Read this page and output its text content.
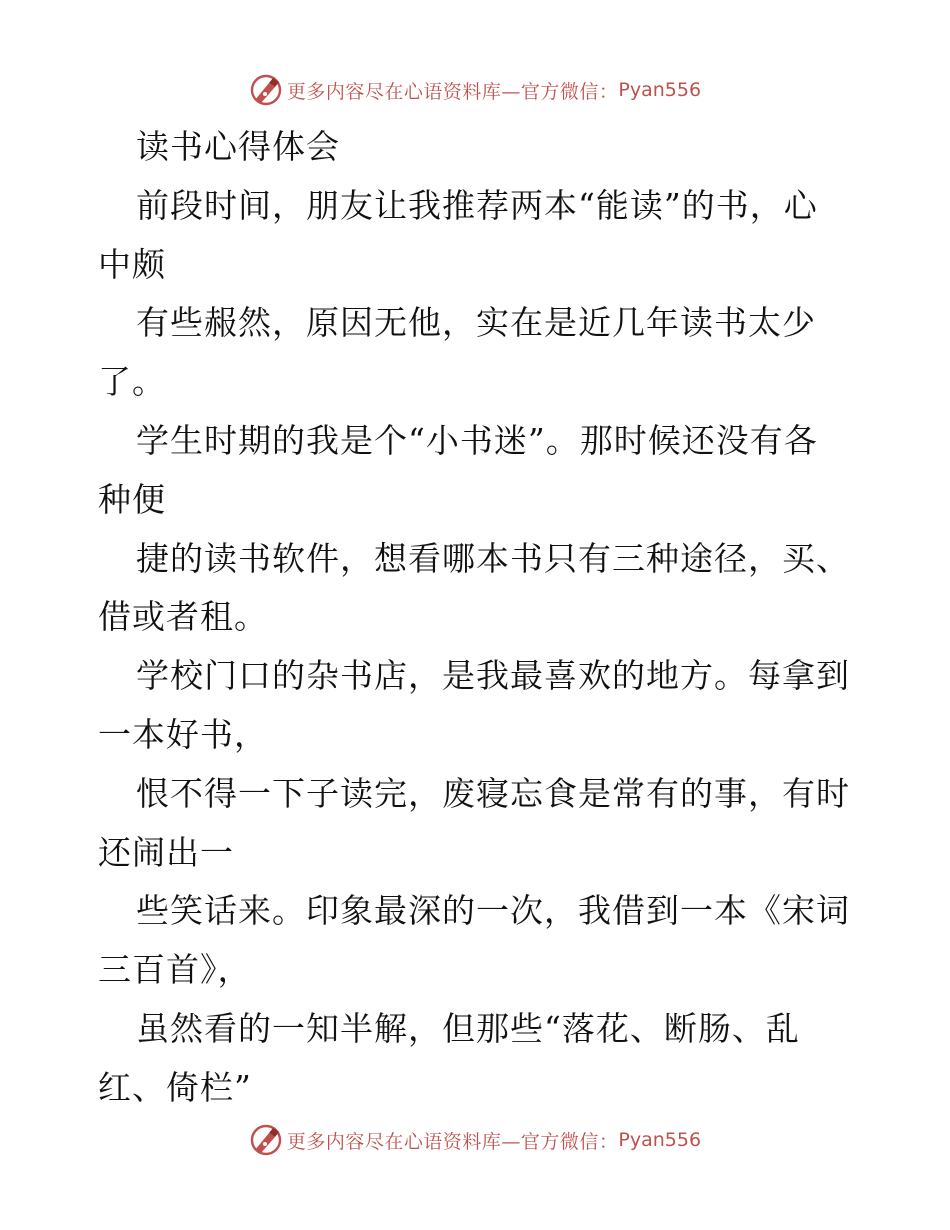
更多内容尽在心语资料库—官方微信： Pyan556
读书心得体会
前段时间，朋友让我推荐两本“能读”的书，心
中颇
有些赧然，原因无他，实在是近几年读书太少
了。
学生时期的我是个“小书迷”。那时候还没有各
种便
捷的读书软件，想看哪本书只有三种途径，买、
借或者租。
学校门口的杂书店，是我最喜欢的地方。每拿到
一本好书，
恨不得一下子读完，废寝忘食是常有的事，有时
还闹出一
些笑话来。印象最深的一次，我借到一本《宋词
三百首》，
虽然看的一知半解，但那些“落花、断肠、乱
红、倚栏”
更多内容尽在心语资料库—官方微信： Pyan556
